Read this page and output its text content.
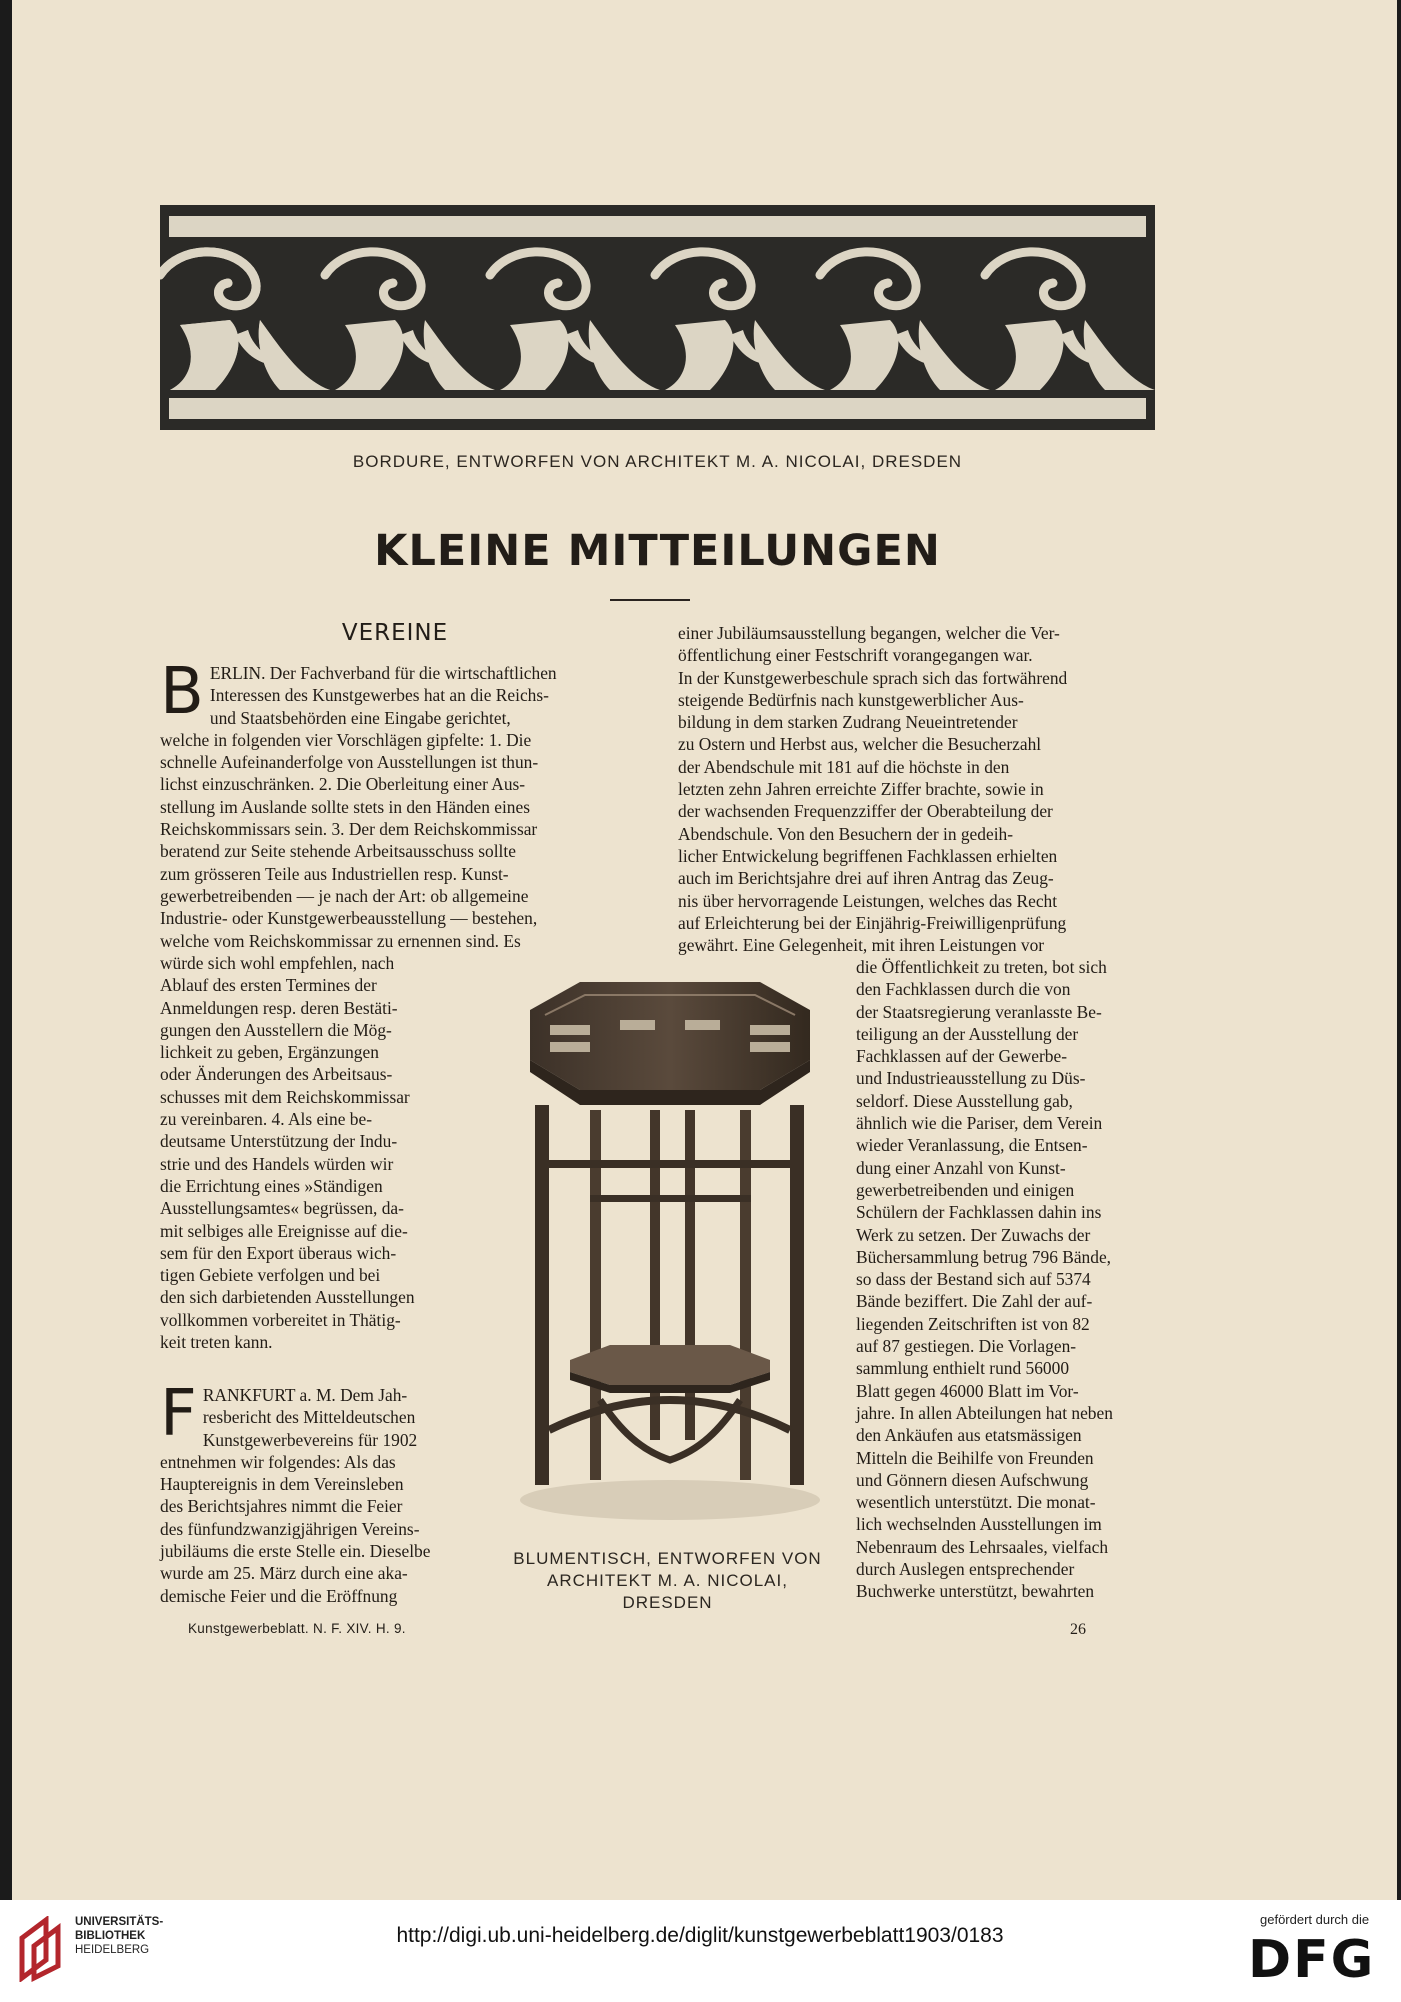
BORDURE, ENTWORFEN VON ARCHITEKT M. A. NICOLAI, DRESDEN
KLEINE MITTEILUNGEN
VEREINE
B ERLIN. Der Fachverband für die wirtschaftlichen
Interessen des Kunstgewerbes hat an die Reichs-
und Staatsbehörden eine Eingabe gerichtet,
welche in folgenden vier Vorschlägen gipfelte: 1. Die
schnelle Aufeinanderfolge von Ausstellungen ist thun-
lichst einzuschränken. 2. Die Oberleitung einer Aus-
stellung im Auslande sollte stets in den Händen eines
Reichskommissars sein. 3. Der dem Reichskommissar
beratend zur Seite stehende Arbeitsausschuss sollte
zum grösseren Teile aus Industriellen resp. Kunst-
gewerbetreibenden — je nach der Art: ob allgemeine
Industrie- oder Kunstgewerbeausstellung — bestehen,
welche vom Reichskommissar zu ernennen sind. Es
würde sich wohl empfehlen, nach
Ablauf des ersten Termines der
Anmeldungen resp. deren Bestäti-
gungen den Ausstellern die Mög-
lichkeit zu geben, Ergänzungen
oder Änderungen des Arbeitsaus-
schusses mit dem Reichskommissar
zu vereinbaren. 4. Als eine be-
deutsame Unterstützung der Indu-
strie und des Handels würden wir
die Errichtung eines »Ständigen
Ausstellungsamtes« begrüssen, da-
mit selbiges alle Ereignisse auf die-
sem für den Export überaus wich-
tigen Gebiete verfolgen und bei
den sich darbietenden Ausstellungen
vollkommen vorbereitet in Thätig-
keit treten kann.
F RANKFURT a. M. Dem Jah-
resbericht des Mitteldeutschen
Kunstgewerbevereins für 1902
entnehmen wir folgendes: Als das
Hauptereignis in dem Vereinsleben
des Berichtsjahres nimmt die Feier
des fünfundzwanzigjährigen Vereins-
jubiläums die erste Stelle ein. Dieselbe
wurde am 25. März durch eine aka-
demische Feier und die Eröffnung
einer Jubiläumsausstellung begangen, welcher die Ver-
öffentlichung einer Festschrift vorangegangen war.
In der Kunstgewerbeschule sprach sich das fortwährend
steigende Bedürfnis nach kunstgewerblicher Aus-
bildung in dem starken Zudrang Neueintretender
zu Ostern und Herbst aus, welcher die Besucherzahl
der Abendschule mit 181 auf die höchste in den
letzten zehn Jahren erreichte Ziffer brachte, sowie in
der wachsenden Frequenzziffer der Oberabteilung der
Abendschule. Von den Besuchern der in gedeih-
licher Entwickelung begriffenen Fachklassen erhielten
auch im Berichtsjahre drei auf ihren Antrag das Zeug-
nis über hervorragende Leistungen, welches das Recht
auf Erleichterung bei der Einjährig-Freiwilligenprüfung
gewährt. Eine Gelegenheit, mit ihren Leistungen vor
die Öffentlichkeit zu treten, bot sich
den Fachklassen durch die von
der Staatsregierung veranlasste Be-
teiligung an der Ausstellung der
Fachklassen auf der Gewerbe-
und Industrieausstellung zu Düs-
seldorf. Diese Ausstellung gab,
ähnlich wie die Pariser, dem Verein
wieder Veranlassung, die Entsen-
dung einer Anzahl von Kunst-
gewerbetreibenden und einigen
Schülern der Fachklassen dahin ins
Werk zu setzen. Der Zuwachs der
Büchersammlung betrug 796 Bände,
so dass der Bestand sich auf 5374
Bände beziffert. Die Zahl der auf-
liegenden Zeitschriften ist von 82
auf 87 gestiegen. Die Vorlagen-
sammlung enthielt rund 56000
Blatt gegen 46000 Blatt im Vor-
jahre. In allen Abteilungen hat neben
den Ankäufen aus etatsmässigen
Mitteln die Beihilfe von Freunden
und Gönnern diesen Aufschwung
wesentlich unterstützt. Die monat-
lich wechselnden Ausstellungen im
Nebenraum des Lehrsaales, vielfach
durch Auslegen entsprechender
Buchwerke unterstützt, bewahrten
BLUMENTISCH, ENTWORFEN VON
ARCHITEKT M. A. NICOLAI,
DRESDEN
Kunstgewerbeblatt. N. F. XIV. H. 9.	26
UNIVERSITÄTS-
BIBLIOTHEK
HEIDELBERG
http://digi.ub.uni-heidelberg.de/diglit/kunstgewerbeblatt1903/0183
gefördert durch die
DFG
